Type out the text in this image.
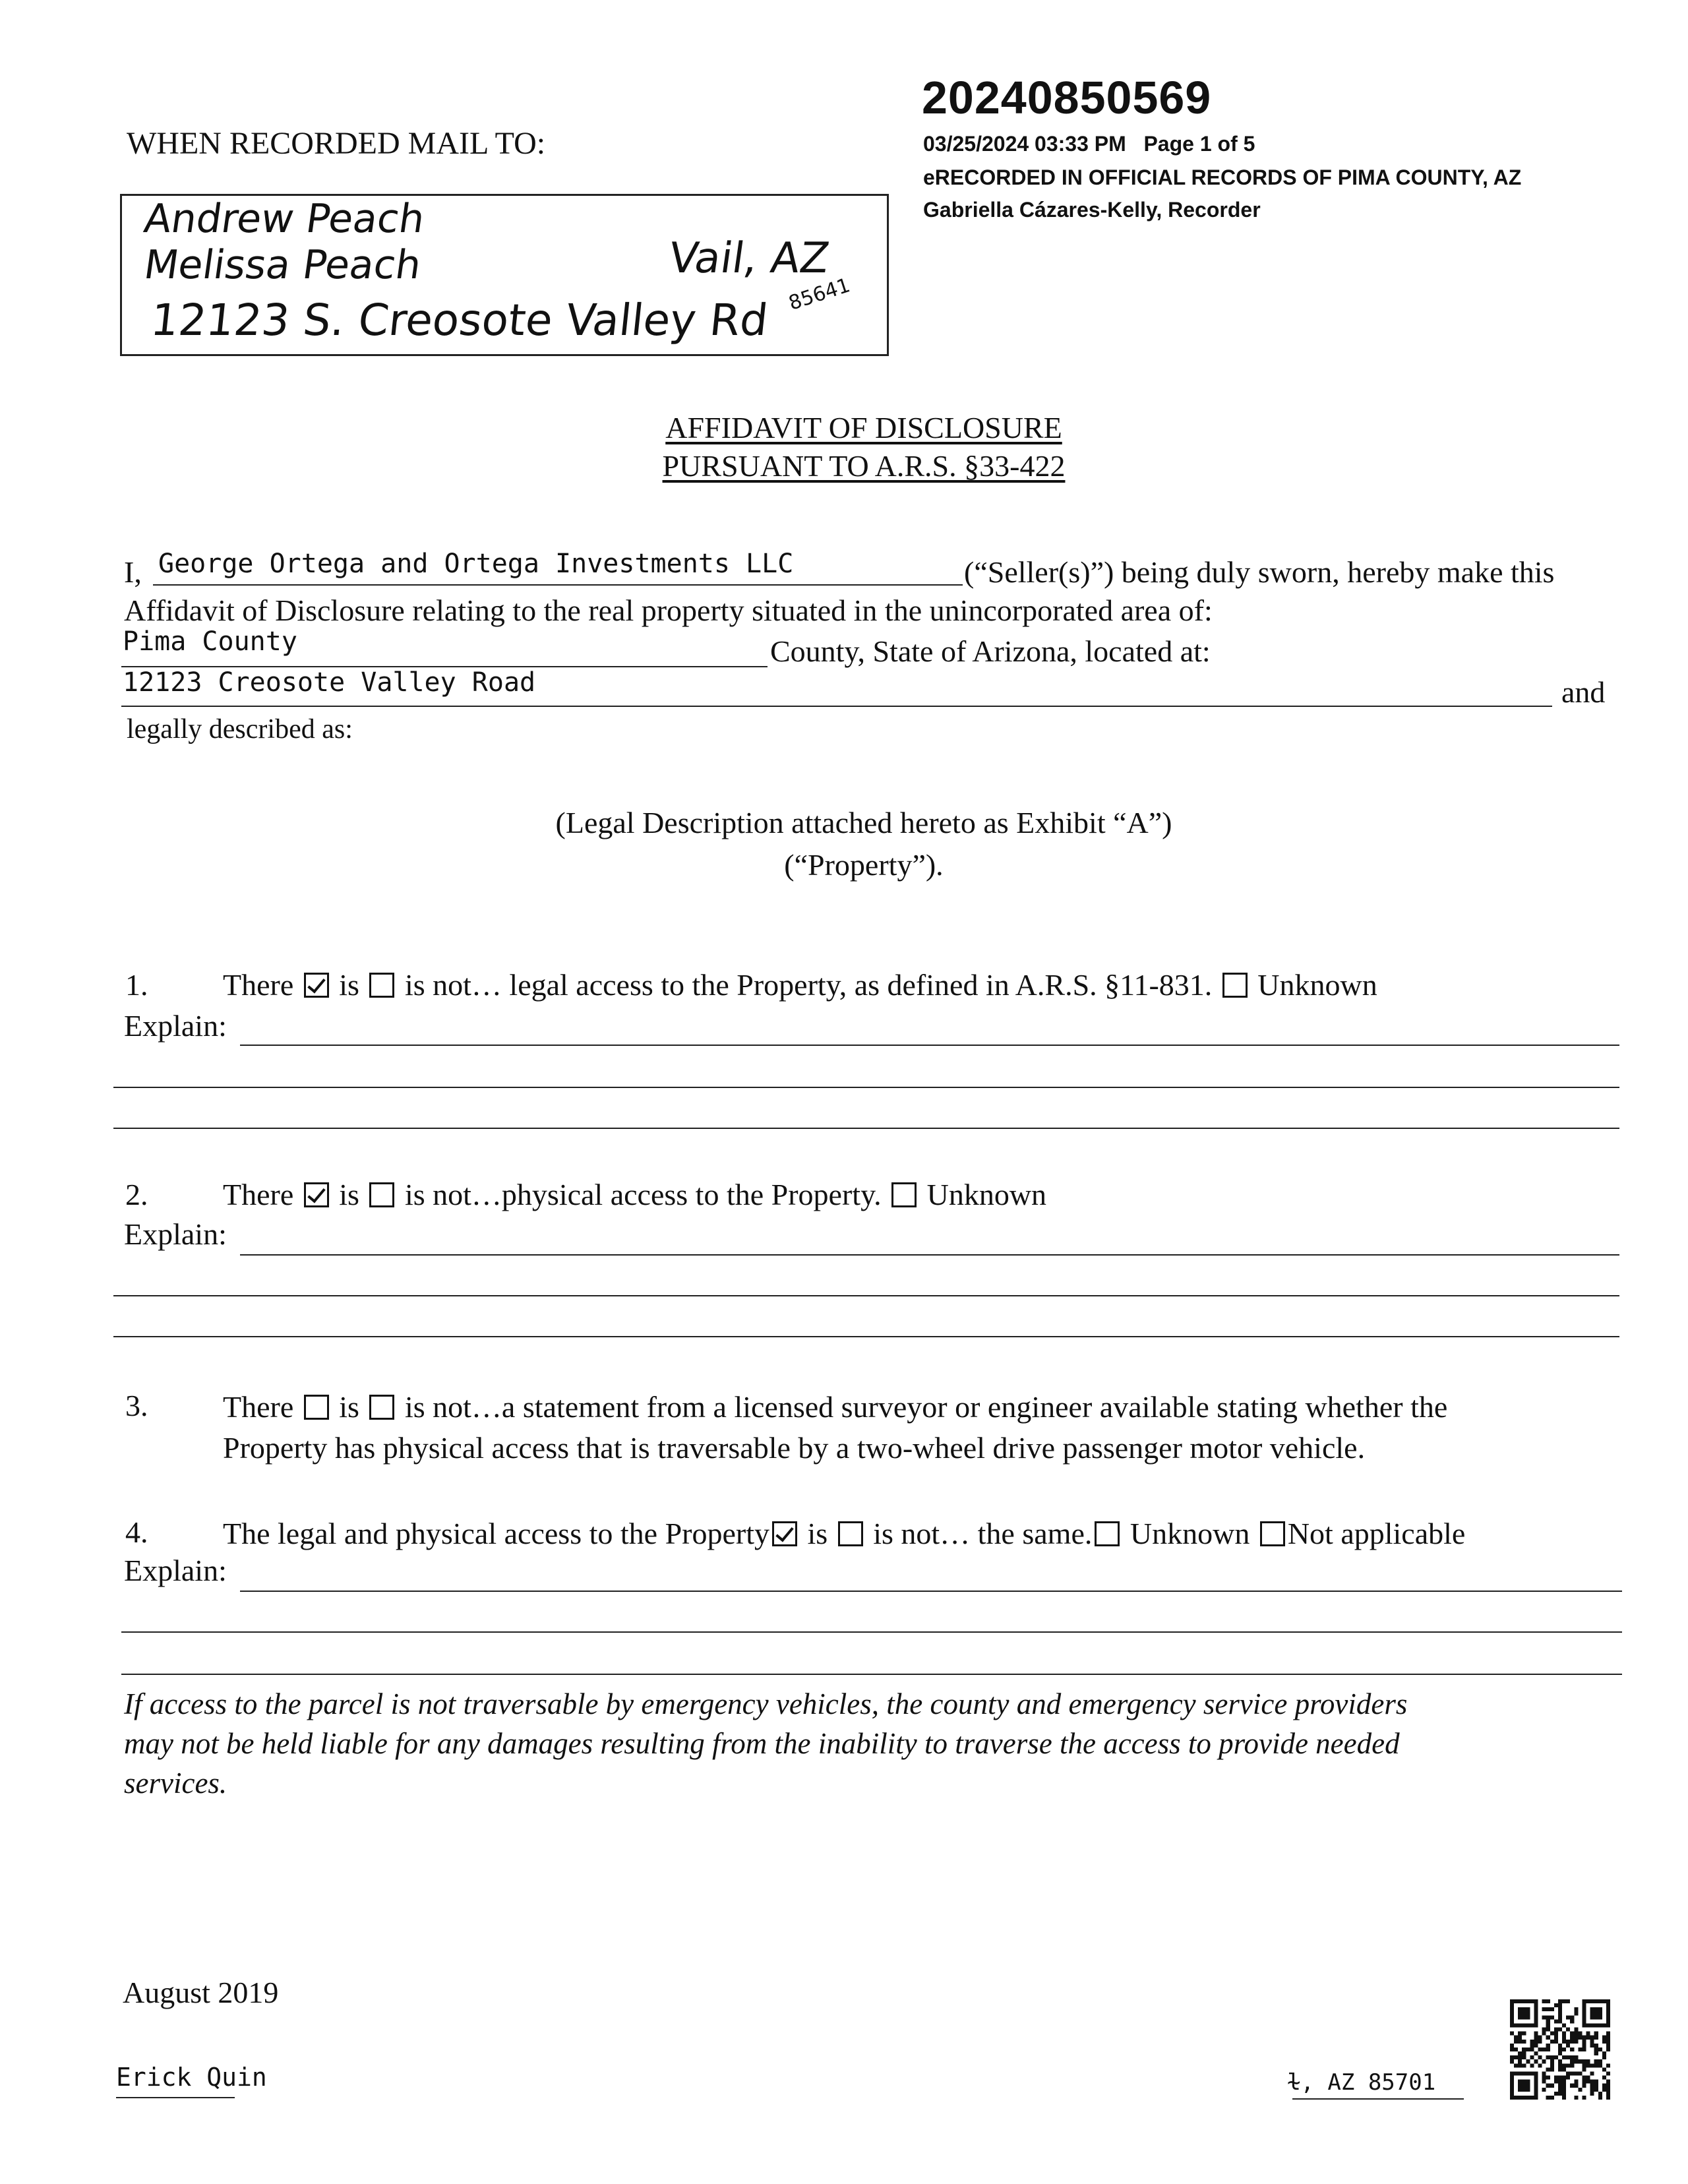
20240850569
03/25/2024 03:33 PM Page 1 of 5
eRECORDED IN OFFICIAL RECORDS OF PIMA COUNTY, AZ
Gabriella Cázares-Kelly, Recorder
WHEN RECORDED MAIL TO:
Andrew Peach
Melissa Peach	Vail, AZ
85641
12123 S. Creosote Valley Rd
AFFIDAVIT OF DISCLOSURE
PURSUANT TO A.R.S. §33-422
I, George Ortega and Ortega Investments LLC	(“Seller(s)”) being duly sworn, hereby make this
Affidavit of Disclosure relating to the real property situated in the unincorporated area of:
Pima County	County, State of Arizona, located at:
12123 Creosote Valley Road	and
legally described as:
(Legal Description attached hereto as Exhibit “A”)
(“Property”).
1. There is is not… legal access to the Property, as defined in A.R.S. §11-831. Unknown
Explain:
2. There is is not…physical access to the Property. Unknown
Explain:
3. There is is not…a statement from a licensed surveyor or engineer available stating whether the
Property has physical access that is traversable by a two-wheel drive passenger motor vehicle.
4. The legal and physical access to the Property is is not… the same. Unknown Not applicable
Explain:
If access to the parcel is not traversable by emergency vehicles, the county and emergency service providers
may not be held liable for any damages resulting from the inability to traverse the access to provide needed
services.
August 2019
Erick Quin	ɫ, AZ 85701
